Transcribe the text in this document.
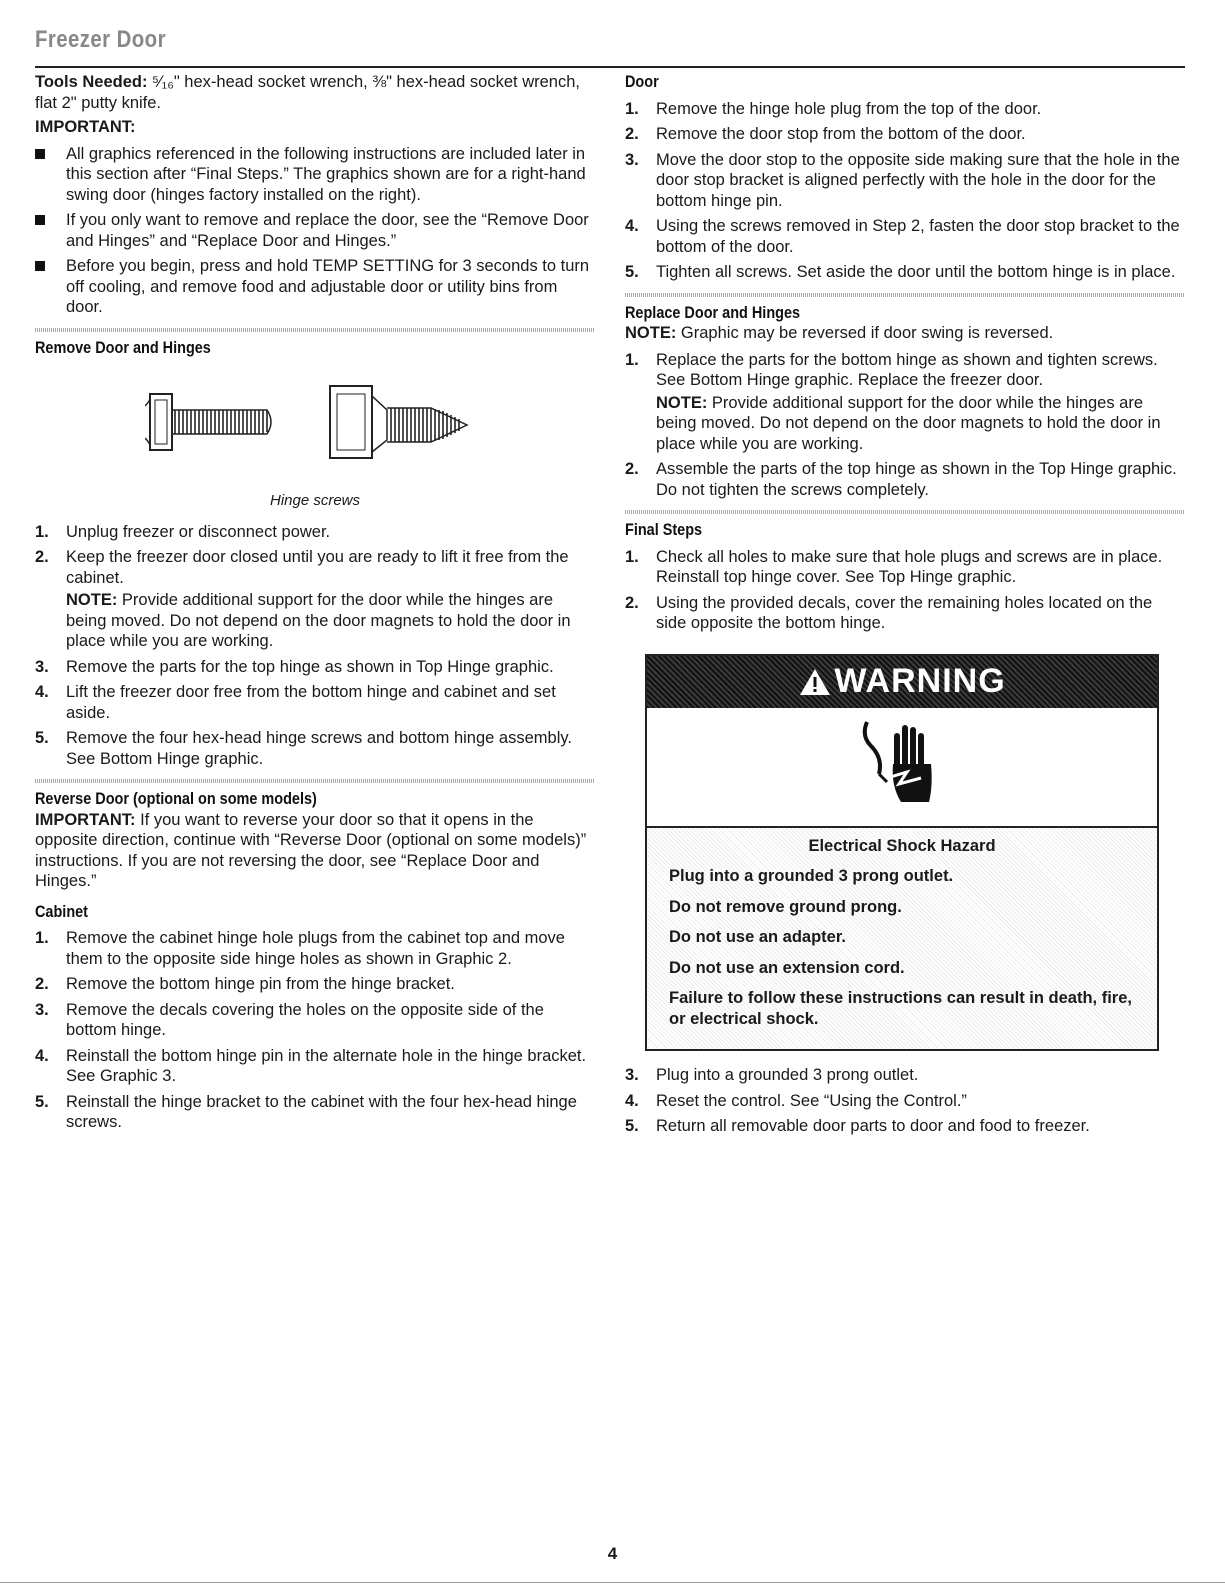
Freezer Door

Tools Needed: ⁵⁄₁₆" hex-head socket wrench, ⅜" hex-head socket wrench, flat 2" putty knife.

IMPORTANT:

All graphics referenced in the following instructions are included later in this section after “Final Steps.” The graphics shown are for a right-hand swing door (hinges factory installed on the right).
If you only want to remove and replace the door, see the “Remove Door and Hinges” and “Replace Door and Hinges.”
Before you begin, press and hold TEMP SETTING for 3 seconds to turn off cooling, and remove food and adjustable door or utility bins from door.
Remove Door and Hinges
Hinge screws
1. Unplug freezer or disconnect power.
2. Keep the freezer door closed until you are ready to lift it free from the cabinet.

NOTE: Provide additional support for the door while the hinges are being moved. Do not depend on the door magnets to hold the door in place while you are working.

3. Remove the parts for the top hinge as shown in Top Hinge graphic.
4. Lift the freezer door free from the bottom hinge and cabinet and set aside.
5. Remove the four hex-head hinge screws and bottom hinge assembly. See Bottom Hinge graphic.
Reverse Door (optional on some models)

IMPORTANT: If you want to reverse your door so that it opens in the opposite direction, continue with “Reverse Door (optional on some models)” instructions. If you are not reversing the door, see “Replace Door and Hinges.”

Cabinet
1. Remove the cabinet hinge hole plugs from the cabinet top and move them to the opposite side hinge holes as shown in Graphic 2.
2. Remove the bottom hinge pin from the hinge bracket.
3. Remove the decals covering the holes on the opposite side of the bottom hinge.
4. Reinstall the bottom hinge pin in the alternate hole in the hinge bracket. See Graphic 3.
5. Reinstall the hinge bracket to the cabinet with the four hex-head hinge screws.
Door
1. Remove the hinge hole plug from the top of the door.
2. Remove the door stop from the bottom of the door.
3. Move the door stop to the opposite side making sure that the hole in the door stop bracket is aligned perfectly with the hole in the door for the bottom hinge pin.
4. Using the screws removed in Step 2, fasten the door stop bracket to the bottom of the door.
5. Tighten all screws. Set aside the door until the bottom hinge is in place.
Replace Door and Hinges

NOTE: Graphic may be reversed if door swing is reversed.

1. Replace the parts for the bottom hinge as shown and tighten screws. See Bottom Hinge graphic. Replace the freezer door.

NOTE: Provide additional support for the door while the hinges are being moved. Do not depend on the door magnets to hold the door in place while you are working.

2. Assemble the parts of the top hinge as shown in the Top Hinge graphic. Do not tighten the screws completely.
Final Steps
1. Check all holes to make sure that hole plugs and screws are in place. Reinstall top hinge cover. See Top Hinge graphic.
2. Using the provided decals, cover the remaining holes located on the side opposite the bottom hinge.
WARNING

Electrical Shock Hazard

Plug into a grounded 3 prong outlet.

Do not remove ground prong.

Do not use an adapter.

Do not use an extension cord.

Failure to follow these instructions can result in death, fire, or electrical shock.

3. Plug into a grounded 3 prong outlet.
4. Reset the control. See “Using the Control.”
5. Return all removable door parts to door and food to freezer.
4
